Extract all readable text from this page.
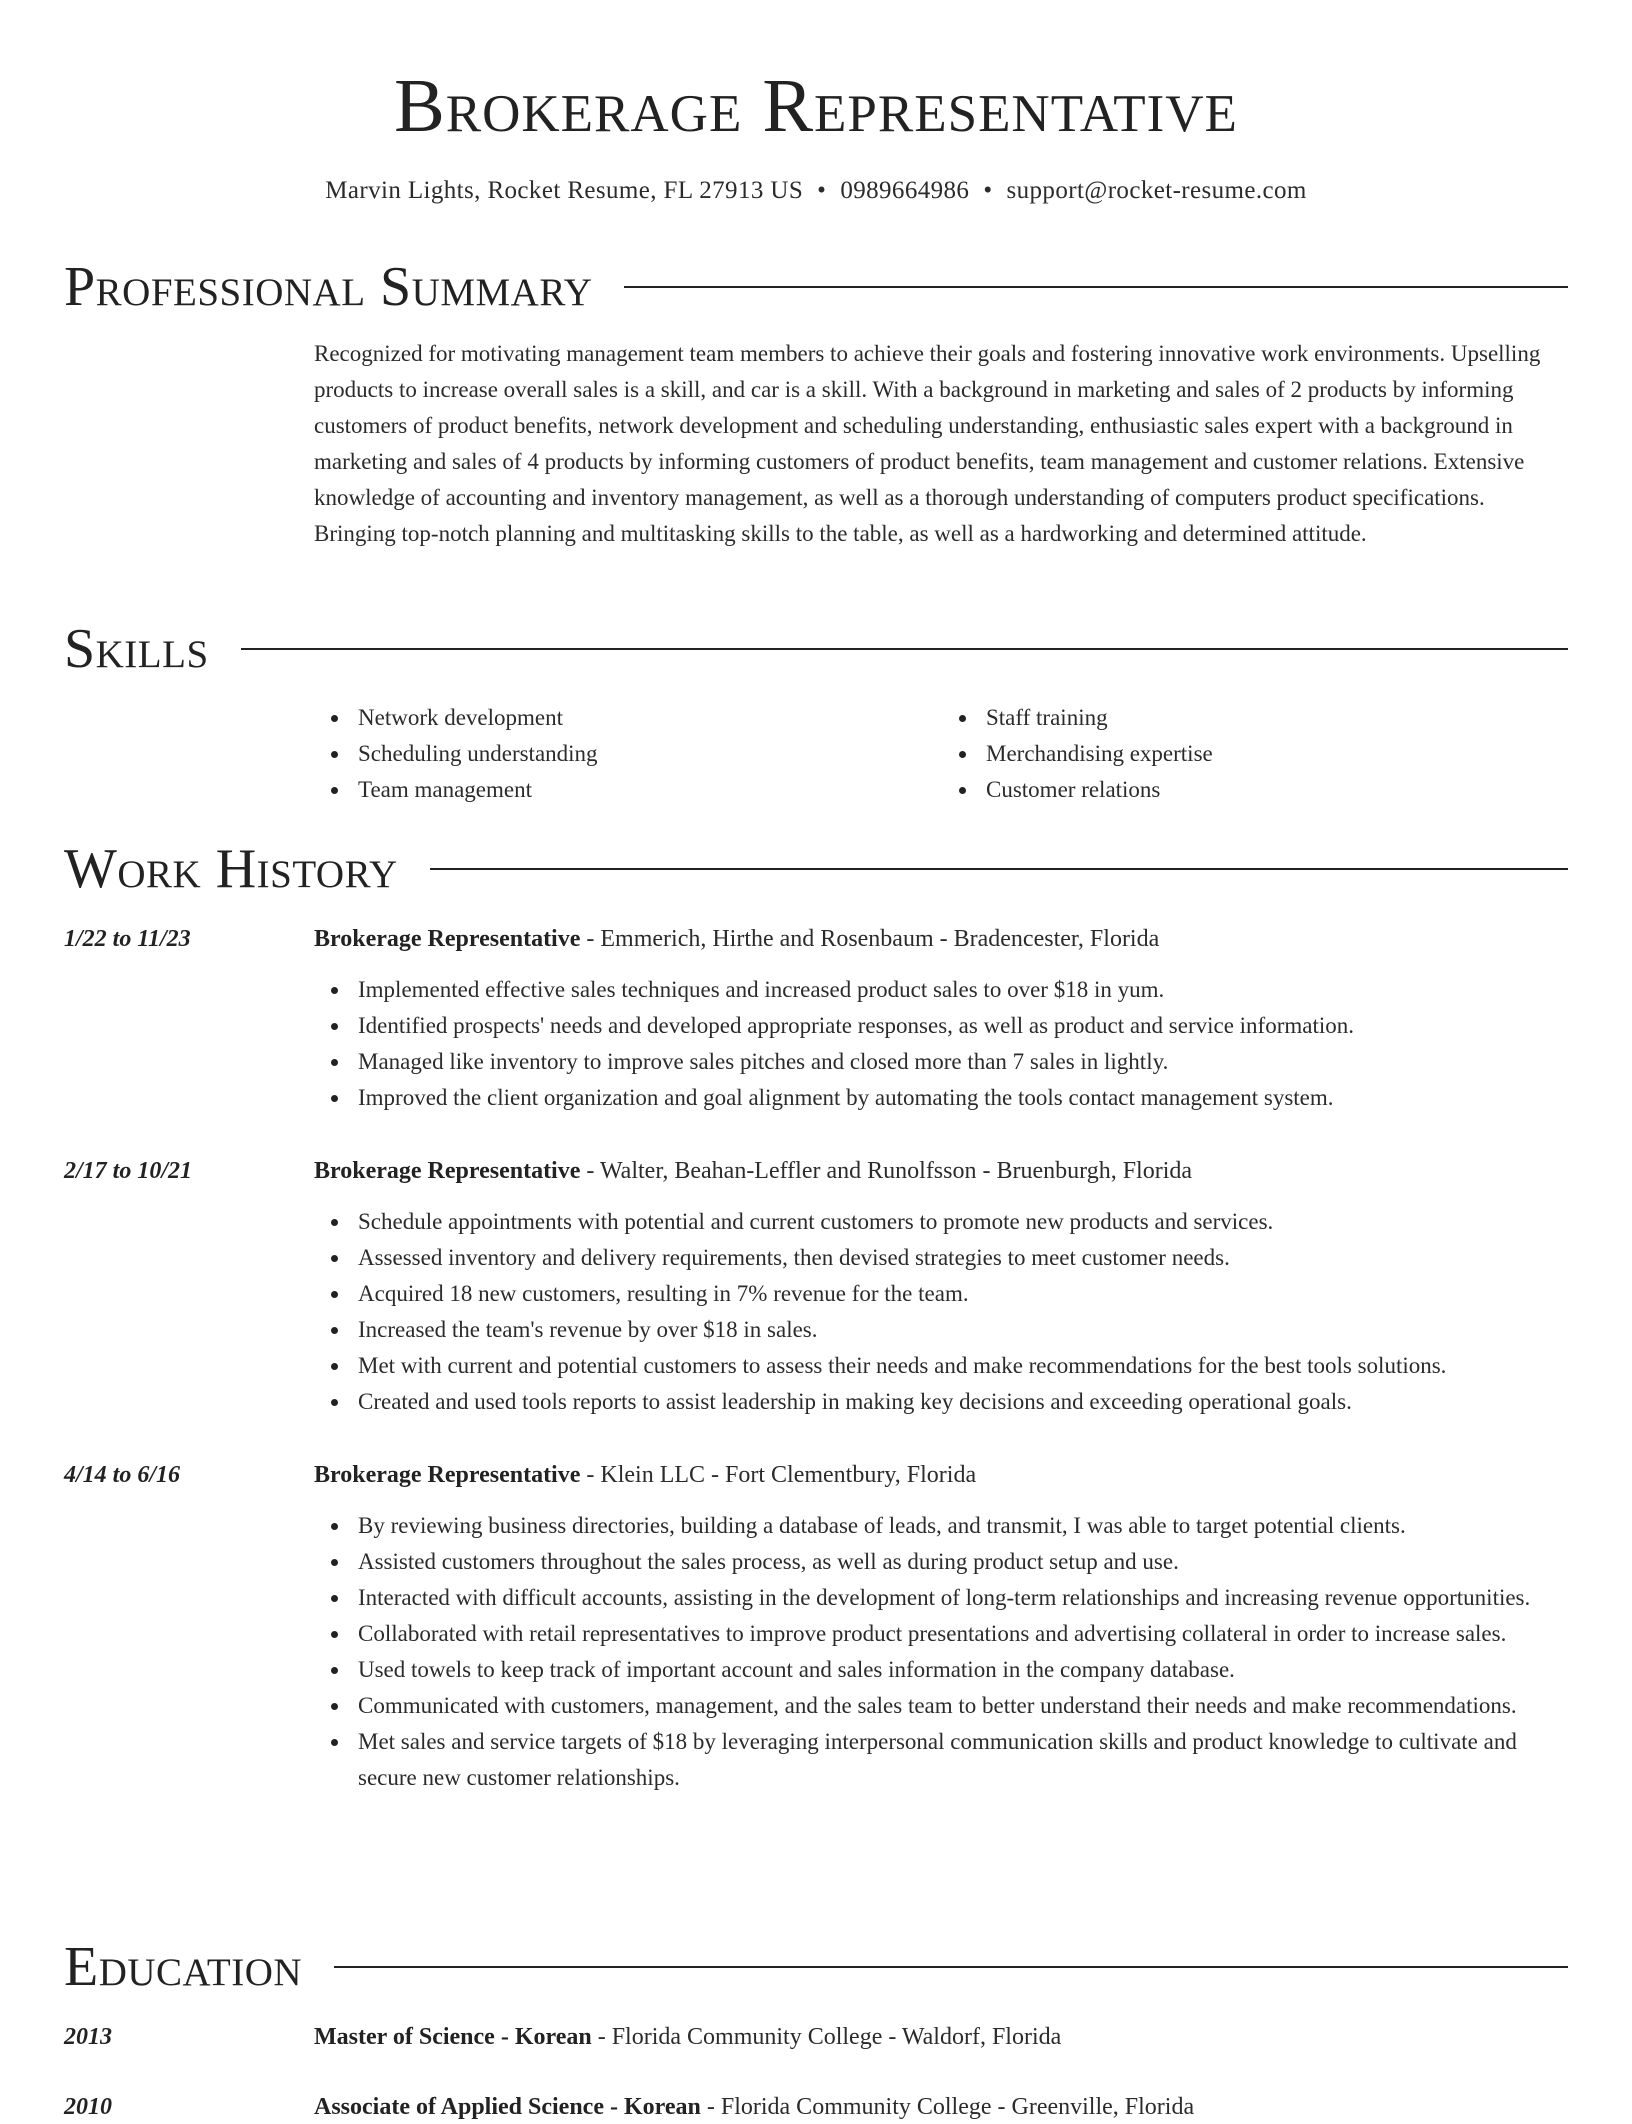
Brokerage Representative
Marvin Lights, Rocket Resume, FL 27913 US • 0989664986 • support@rocket-resume.com
Professional Summary

Recognized for motivating management team members to achieve their goals and fostering innovative work environments. Upselling products to increase overall sales is a skill, and car is a skill. With a background in marketing and sales of 2 products by informing customers of product benefits, network development and scheduling understanding, enthusiastic sales expert with a background in marketing and sales of 4 products by informing customers of product benefits, team management and customer relations. Extensive knowledge of accounting and inventory management, as well as a thorough understanding of computers product specifications. Bringing top-notch planning and multitasking skills to the table, as well as a hardworking and determined attitude.

Skills
Network development
Scheduling understanding
Team management
Staff training
Merchandising expertise
Customer relations
Work History
1/22 to 11/23	Brokerage Representative - Emmerich, Hirthe and Rosenbaum - Bradencester, Florida
Implemented effective sales techniques and increased product sales to over $18 in yum.
Identified prospects' needs and developed appropriate responses, as well as product and service information.
Managed like inventory to improve sales pitches and closed more than 7 sales in lightly.
Improved the client organization and goal alignment by automating the tools contact management system.
2/17 to 10/21	Brokerage Representative - Walter, Beahan-Leffler and Runolfsson - Bruenburgh, Florida
Schedule appointments with potential and current customers to promote new products and services.
Assessed inventory and delivery requirements, then devised strategies to meet customer needs.
Acquired 18 new customers, resulting in 7% revenue for the team.
Increased the team's revenue by over $18 in sales.
Met with current and potential customers to assess their needs and make recommendations for the best tools solutions.
Created and used tools reports to assist leadership in making key decisions and exceeding operational goals.
4/14 to 6/16	Brokerage Representative - Klein LLC - Fort Clementbury, Florida
By reviewing business directories, building a database of leads, and transmit, I was able to target potential clients.
Assisted customers throughout the sales process, as well as during product setup and use.
Interacted with difficult accounts, assisting in the development of long-term relationships and increasing revenue opportunities.
Collaborated with retail representatives to improve product presentations and advertising collateral in order to increase sales.
Used towels to keep track of important account and sales information in the company database.
Communicated with customers, management, and the sales team to better understand their needs and make recommendations.
Met sales and service targets of $18 by leveraging interpersonal communication skills and product knowledge to cultivate and secure new customer relationships.
Education
2013	Master of Science - Korean - Florida Community College - Waldorf, Florida
2010	Associate of Applied Science - Korean - Florida Community College - Greenville, Florida
